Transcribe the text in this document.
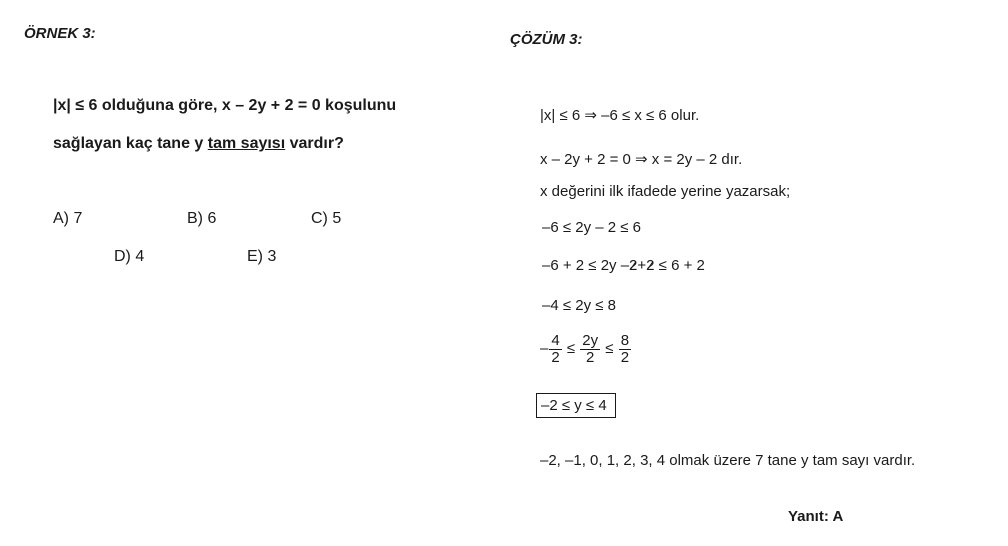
ÖRNEK 3:
|x| ≤ 6 olduğuna göre, x – 2y + 2 = 0 koşulunu
sağlayan kaç tane y tam sayısı vardır?
A) 7	B) 6	C) 5
D) 4	E) 3
ÇÖZÜM 3:
|x| ≤ 6 ⇒ –6 ≤ x ≤ 6 olur.
x – 2y + 2 = 0 ⇒ x = 2y – 2 dır.
x değerini ilk ifadede yerine yazarsak;
–6 ≤ 2y – 2 ≤ 6
–6 + 2 ≤ 2y –2+2 ≤ 6 + 2
–4 ≤ 2y ≤ 8
– $\frac{4}{2} \le \frac{2y}{2} \le \frac{8}{2}$
–2 ≤ y ≤ 4
–2, –1, 0, 1, 2, 3, 4 olmak üzere 7 tane y tam sayı vardır.
Yanıt: A
